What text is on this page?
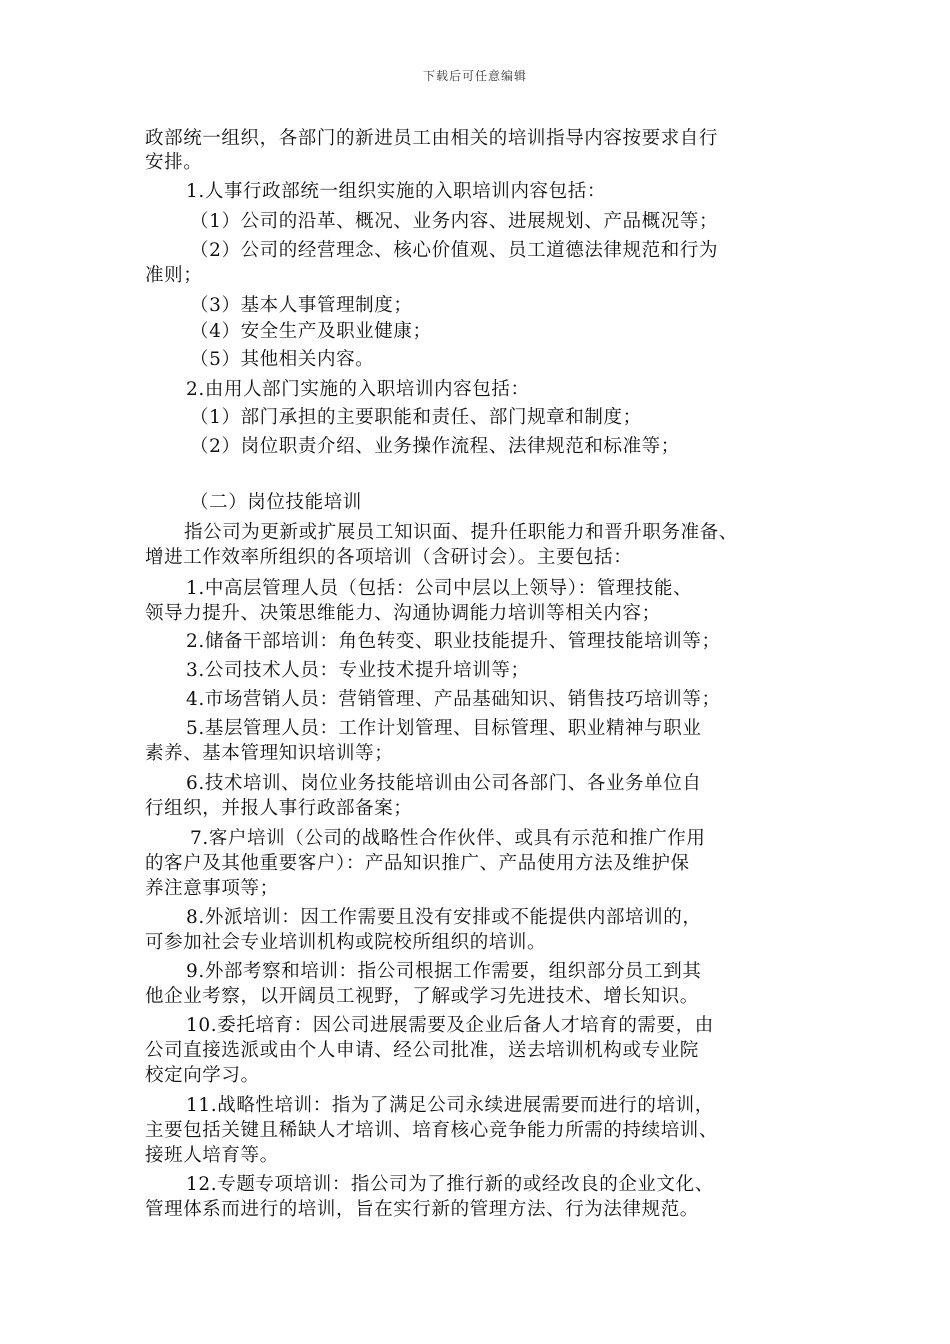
下载后可任意编辑
政部统一组织，各部门的新进员工由相关的培训指导内容按要求自行
安排。
1.人事行政部统一组织实施的入职培训内容包括：
（1）公司的沿革、概况、业务内容、进展规划、产品概况等；
（2）公司的经营理念、核心价值观、员工道德法律规范和行为
准则；
（3）基本人事管理制度；
（4）安全生产及职业健康；
（5）其他相关内容。
2.由用人部门实施的入职培训内容包括：
（1）部门承担的主要职能和责任、部门规章和制度；
（2）岗位职责介绍、业务操作流程、法律规范和标准等；
（二）岗位技能培训
指公司为更新或扩展员工知识面、提升任职能力和晋升职务准备、
增进工作效率所组织的各项培训（含研讨会）。主要包括：
1.中高层管理人员（包括：公司中层以上领导）：管理技能、
领导力提升、决策思维能力、沟通协调能力培训等相关内容；
2.储备干部培训：角色转变、职业技能提升、管理技能培训等；
3.公司技术人员：专业技术提升培训等；
4.市场营销人员：营销管理、产品基础知识、销售技巧培训等；
5.基层管理人员：工作计划管理、目标管理、职业精神与职业
素养、基本管理知识培训等；
6.技术培训、岗位业务技能培训由公司各部门、各业务单位自
行组织，并报人事行政部备案；
7.客户培训（公司的战略性合作伙伴、或具有示范和推广作用
的客户及其他重要客户）：产品知识推广、产品使用方法及维护保
养注意事项等；
8.外派培训：因工作需要且没有安排或不能提供内部培训的，
可参加社会专业培训机构或院校所组织的培训。
9.外部考察和培训：指公司根据工作需要，组织部分员工到其
他企业考察，以开阔员工视野，了解或学习先进技术、增长知识。
10.委托培育：因公司进展需要及企业后备人才培育的需要，由
公司直接选派或由个人申请、经公司批准，送去培训机构或专业院
校定向学习。
11.战略性培训：指为了满足公司永续进展需要而进行的培训，
主要包括关键且稀缺人才培训、培育核心竞争能力所需的持续培训、
接班人培育等。
12.专题专项培训：指公司为了推行新的或经改良的企业文化、
管理体系而进行的培训，旨在实行新的管理方法、行为法律规范。
